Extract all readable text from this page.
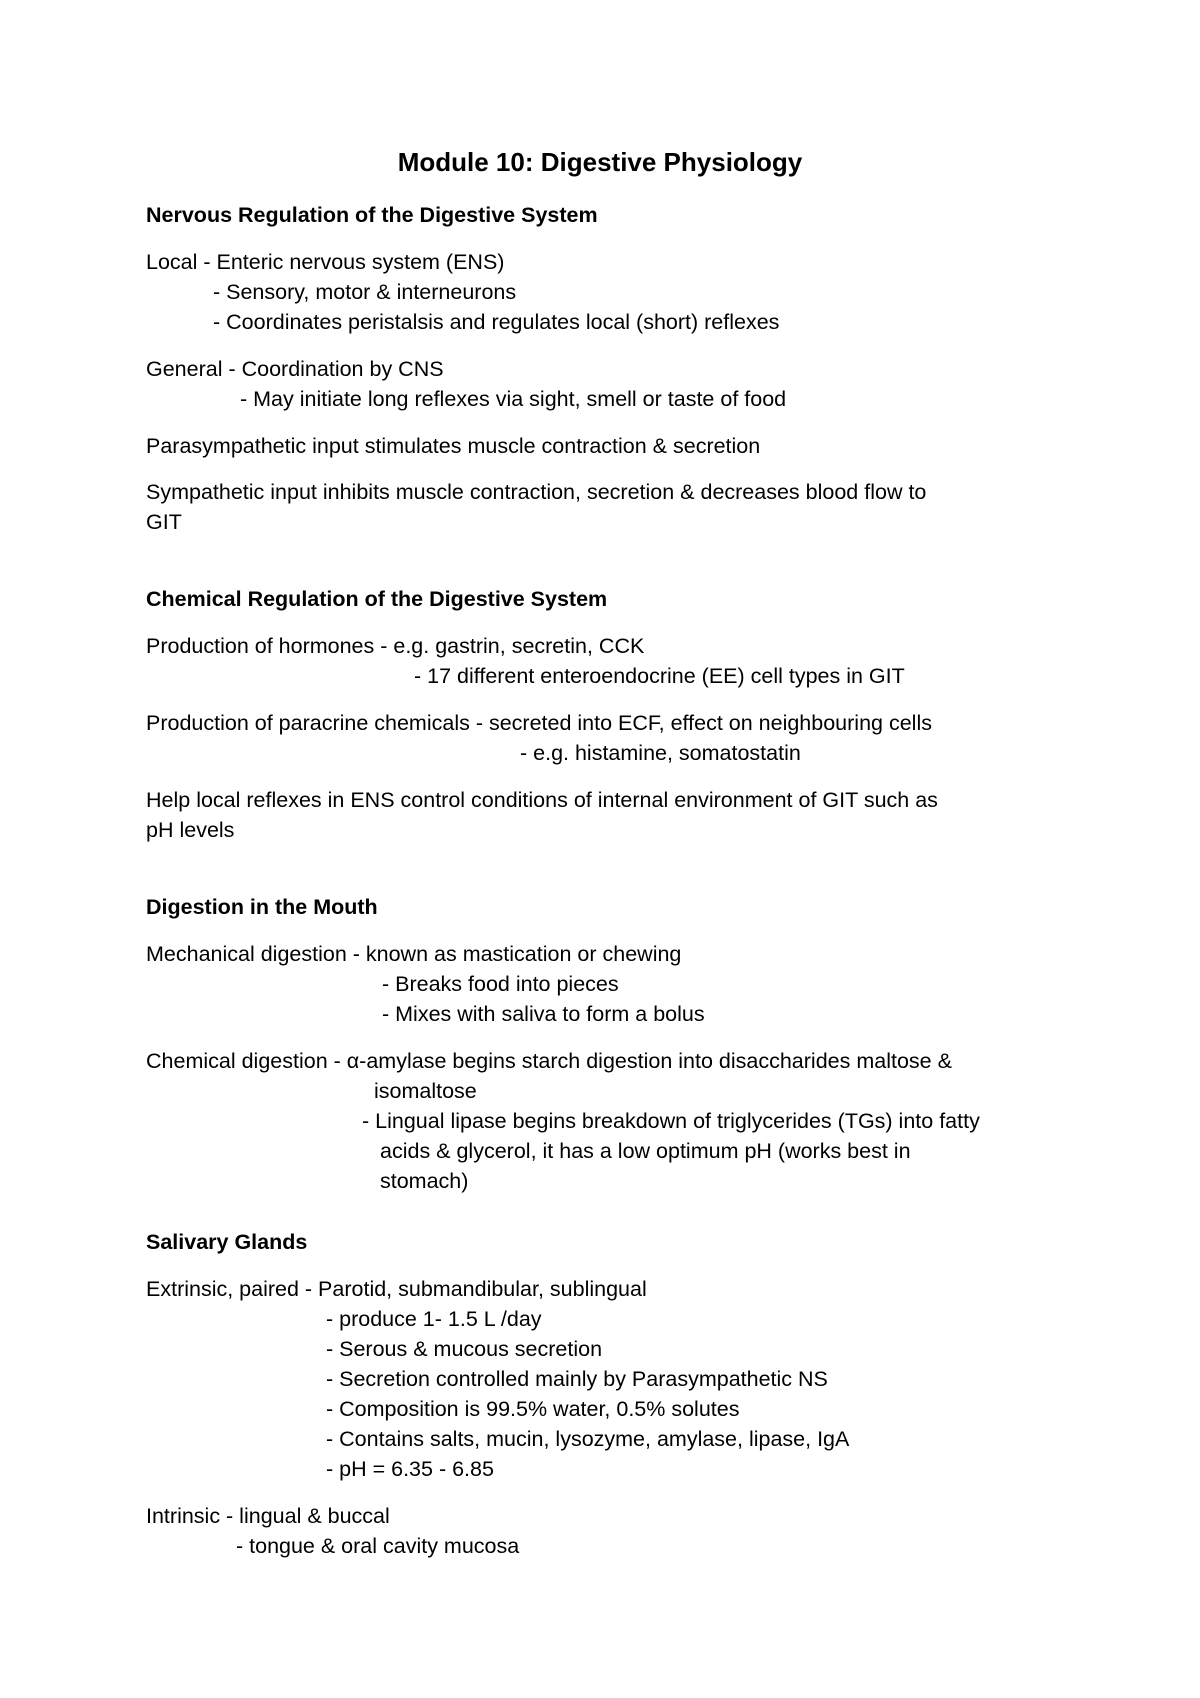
Module 10: Digestive Physiology
Nervous Regulation of the Digestive System

Local - Enteric nervous system (ENS)

- Sensory, motor & interneurons

- Coordinates peristalsis and regulates local (short) reflexes

General - Coordination by CNS

- May initiate long reflexes via sight, smell or taste of food

Parasympathetic input stimulates muscle contraction & secretion

Sympathetic input inhibits muscle contraction, secretion & decreases blood flow to

GIT

Chemical Regulation of the Digestive System

Production of hormones - e.g. gastrin, secretin, CCK

- 17 different enteroendocrine (EE) cell types in GIT

Production of paracrine chemicals - secreted into ECF, effect on neighbouring cells

- e.g. histamine, somatostatin

Help local reflexes in ENS control conditions of internal environment of GIT such as

pH levels

Digestion in the Mouth

Mechanical digestion - known as mastication or chewing

- Breaks food into pieces

- Mixes with saliva to form a bolus

Chemical digestion - α-amylase begins starch digestion into disaccharides maltose &

isomaltose

- Lingual lipase begins breakdown of triglycerides (TGs) into fatty

acids & glycerol, it has a low optimum pH (works best in

stomach)

Salivary Glands

Extrinsic, paired - Parotid, submandibular, sublingual

- produce 1- 1.5 L /day

- Serous & mucous secretion

- Secretion controlled mainly by Parasympathetic NS

- Composition is 99.5% water, 0.5% solutes

- Contains salts, mucin, lysozyme, amylase, lipase, IgA

- pH = 6.35 - 6.85

Intrinsic - lingual & buccal

- tongue & oral cavity mucosa
